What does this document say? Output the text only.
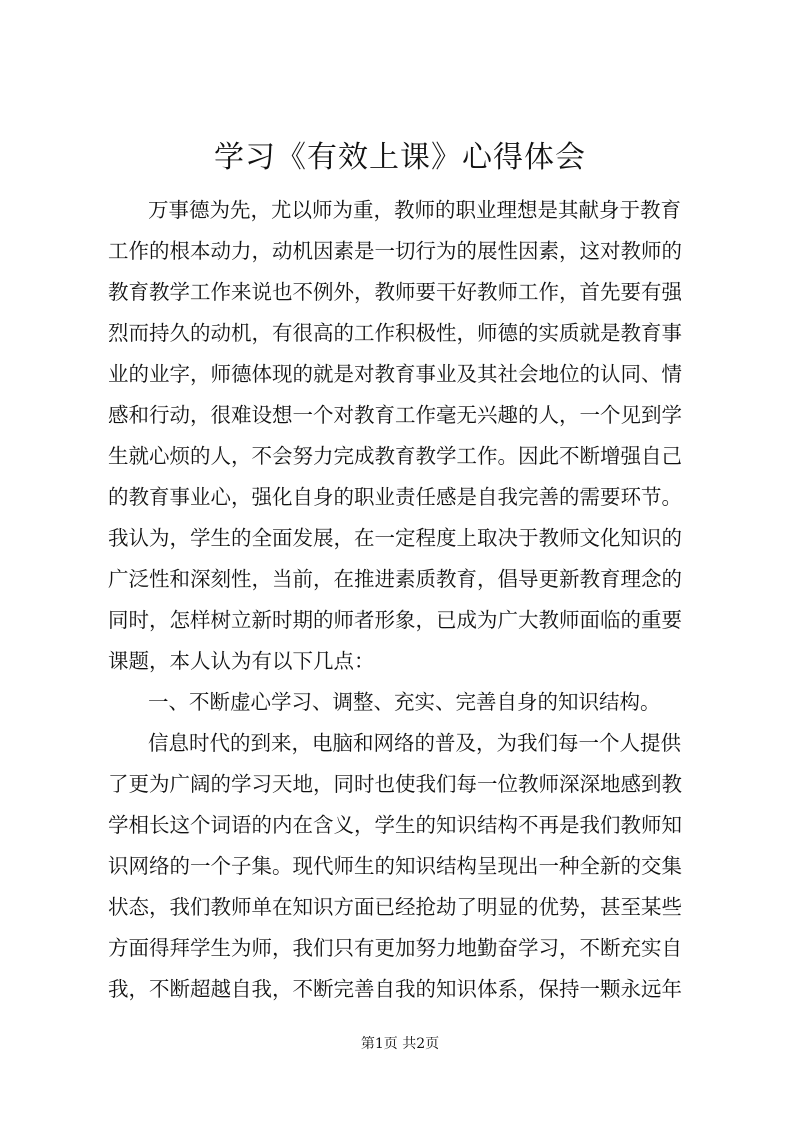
学习《有效上课》心得体会
万事德为先，尤以师为重，教师的职业理想是其献身于教育
工作的根本动力，动机因素是一切行为的展性因素，这对教师的
教育教学工作来说也不例外，教师要干好教师工作，首先要有强
烈而持久的动机，有很高的工作积极性，师德的实质就是教育事
业的业字，师德体现的就是对教育事业及其社会地位的认同、情
感和行动，很难设想一个对教育工作毫无兴趣的人，一个见到学
生就心烦的人，不会努力完成教育教学工作。因此不断增强自己
的教育事业心，强化自身的职业责任感是自我完善的需要环节。
我认为，学生的全面发展，在一定程度上取决于教师文化知识的
广泛性和深刻性，当前，在推进素质教育，倡导更新教育理念的
同时，怎样树立新时期的师者形象，已成为广大教师面临的重要
课题，本人认为有以下几点：
一、不断虚心学习、调整、充实、完善自身的知识结构。
信息时代的到来，电脑和网络的普及，为我们每一个人提供
了更为广阔的学习天地，同时也使我们每一位教师深深地感到教
学相长这个词语的内在含义，学生的知识结构不再是我们教师知
识网络的一个子集。现代师生的知识结构呈现出一种全新的交集
状态，我们教师单在知识方面已经抢劫了明显的优势，甚至某些
方面得拜学生为师，我们只有更加努力地勤奋学习，不断充实自
我，不断超越自我，不断完善自我的知识体系，保持一颗永远年
第1页 共2页
